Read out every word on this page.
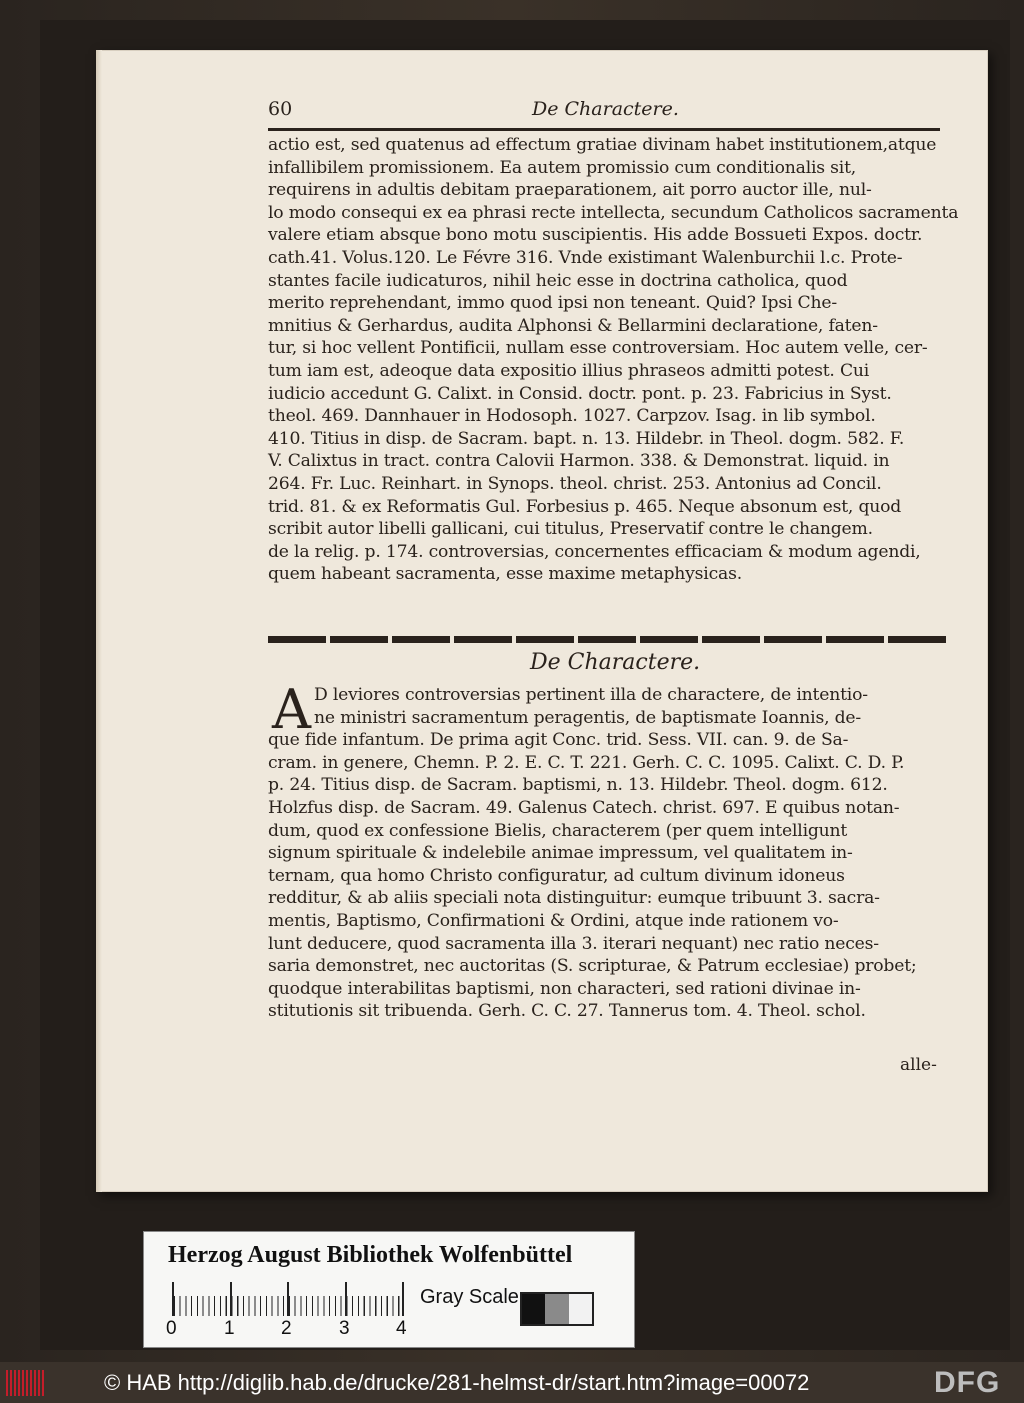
60	De Charactere.
actio est, sed quatenus ad effectum gratiae divinam habet institutionem,atque
infallibilem promissionem. Ea autem promissio cum conditionalis sit,
requirens in adultis debitam praeparationem, ait porro auctor ille, nul-
lo modo consequi ex ea phrasi recte intellecta, secundum Catholicos sacramenta
valere etiam absque bono motu suscipientis. His adde Bossueti Expos. doctr.
cath.41. Volus.120. Le Févre 316. Vnde existimant Walenburchii l.c. Prote-
stantes facile iudicaturos, nihil heic esse in doctrina catholica, quod
merito reprehendant, immo quod ipsi non teneant. Quid? Ipsi Che-
mnitius & Gerhardus, audita Alphonsi & Bellarmini declaratione, faten-
tur, si hoc vellent Pontificii, nullam esse controversiam. Hoc autem velle, cer-
tum iam est, adeoque data expositio illius phraseos admitti potest. Cui
iudicio accedunt G. Calixt. in Consid. doctr. pont. p. 23. Fabricius in Syst.
theol. 469. Dannhauer in Hodosoph. 1027. Carpzov. Isag. in lib symbol.
410. Titius in disp. de Sacram. bapt. n. 13. Hildebr. in Theol. dogm. 582. F.
V. Calixtus in tract. contra Calovii Harmon. 338. & Demonstrat. liquid. in
264. Fr. Luc. Reinhart. in Synops. theol. christ. 253. Antonius ad Concil.
trid. 81. & ex Reformatis Gul. Forbesius p. 465. Neque absonum est, quod
scribit autor libelli gallicani, cui titulus, Preservatif contre le changem.
de la relig. p. 174. controversias, concernentes efficaciam & modum agendi,
quem habeant sacramenta, esse maxime metaphysicas.
De Charactere.
A D leviores controversias pertinent illa de charactere, de intentio-
ne ministri sacramentum peragentis, de baptismate Ioannis, de-
que fide infantum. De prima agit Conc. trid. Sess. VII. can. 9. de Sa-
cram. in genere, Chemn. P. 2. E. C. T. 221. Gerh. C. C. 1095. Calixt. C. D. P.
p. 24. Titius disp. de Sacram. baptismi, n. 13. Hildebr. Theol. dogm. 612.
Holzfus disp. de Sacram. 49. Galenus Catech. christ. 697. E quibus notan-
dum, quod ex confessione Bielis, characterem (per quem intelligunt
signum spirituale & indelebile animae impressum, vel qualitatem in-
ternam, qua homo Christo configuratur, ad cultum divinum idoneus
redditur, & ab aliis speciali nota distinguitur: eumque tribuunt 3. sacra-
mentis, Baptismo, Confirmationi & Ordini, atque inde rationem vo-
lunt deducere, quod sacramenta illa 3. iterari nequant) nec ratio neces-
saria demonstret, nec auctoritas (S. scripturae, & Patrum ecclesiae) probet;
quodque interabilitas baptismi, non characteri, sed rationi divinae in-
stitutionis sit tribuenda. Gerh. C. C. 27. Tannerus tom. 4. Theol. schol.
alle-
Herzog August Bibliothek Wolfenbüttel
0 1 2 3 4
Gray Scale
© HAB http://diglib.hab.de/drucke/281-helmst-dr/start.htm?image=00072	DFG
